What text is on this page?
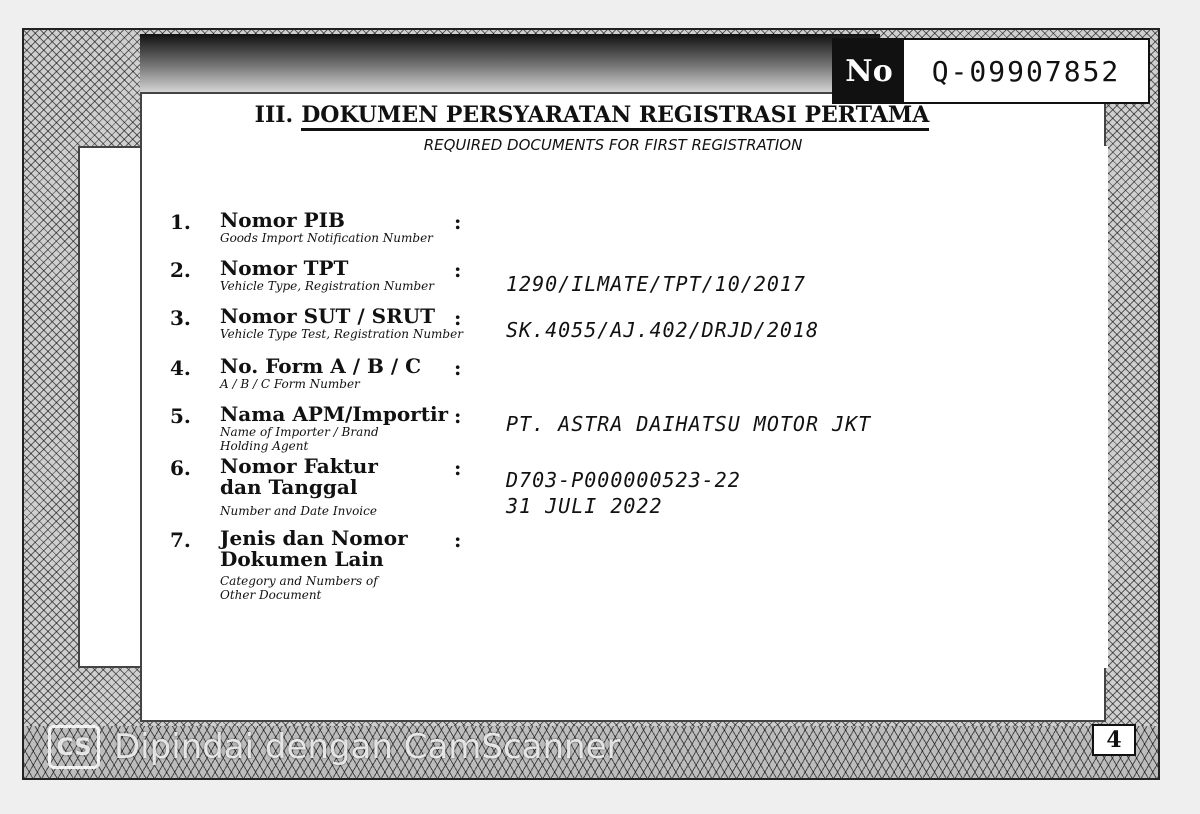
No	Q-09907852
III. DOKUMEN PERSYARATAN REGISTRASI PERTAMA
REQUIRED DOCUMENTS FOR FIRST REGISTRATION
1.	Nomor PIB
Goods Import Notification Number
:
2.	Nomor TPT
Vehicle Type, Registration Number
:
1290/ILMATE/TPT/10/2017
3.	Nomor SUT / SRUT
Vehicle Type Test, Registration Number
: SK.4055/AJ.402/DRJD/2018
4.	No. Form A / B / C
A / B / C Form Number
:
5.	Nama APM/Importir
Name of Importer / Brand Holding Agent
: PT. ASTRA DAIHATSU MOTOR JKT
6.	Nomor Faktur dan Tanggal
Number and Date Invoice
: D703-P000000523-22
31 JULI 2022
7.	Jenis dan Nomor Dokumen Lain
Category and Numbers of Other Document
:
4
CS Dipindai dengan CamScanner
